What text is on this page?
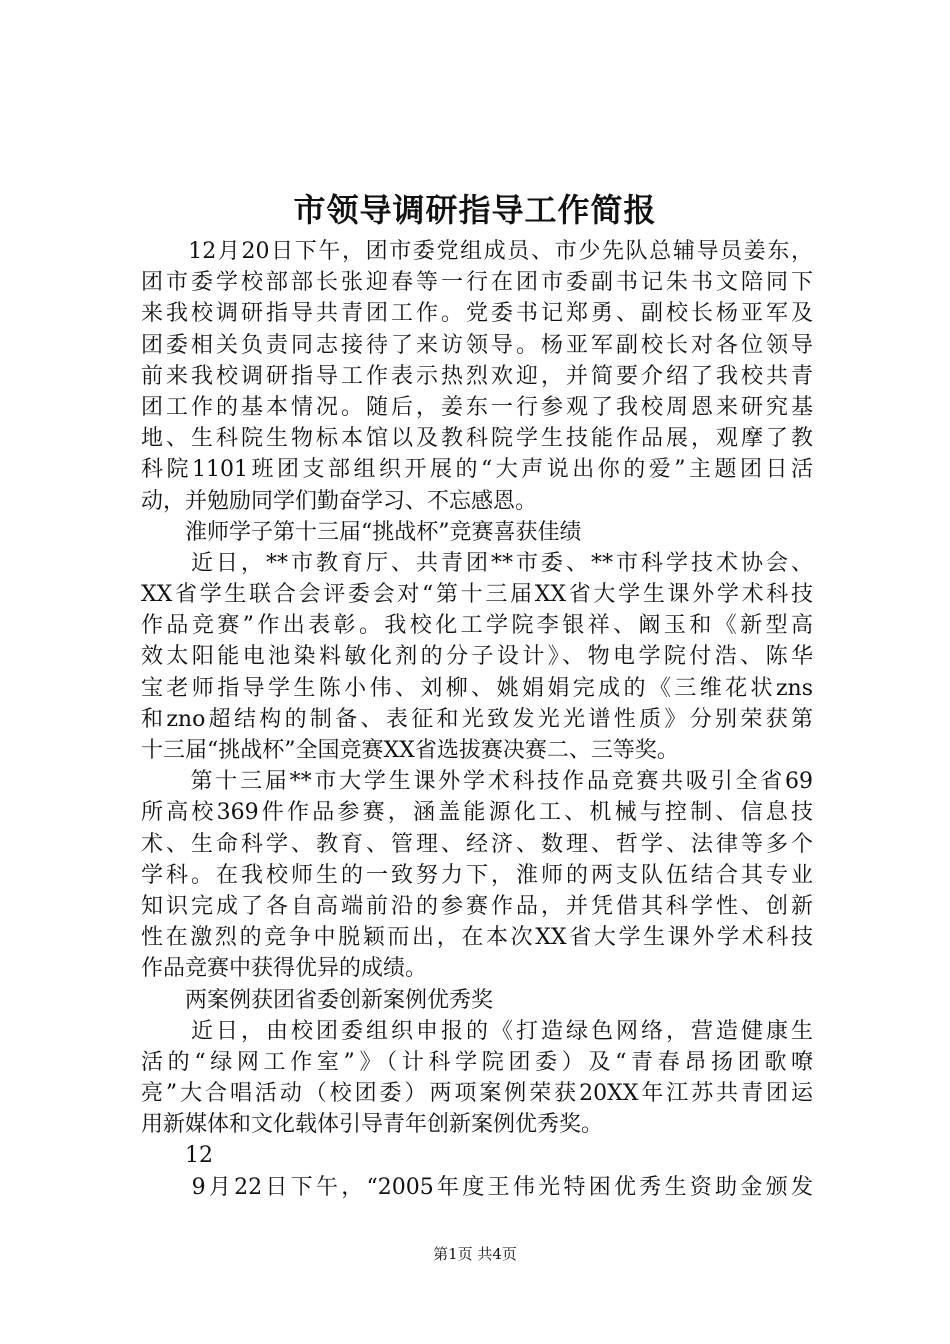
市领导调研指导工作简报
　　12月20日下午，团市委党组成员、市少先队总辅导员姜东，
团市委学校部部长张迎春等一行在团市委副书记朱书文陪同下
来我校调研指导共青团工作。党委书记郑勇、副校长杨亚军及
团委相关负责同志接待了来访领导。杨亚军副校长对各位领导
前来我校调研指导工作表示热烈欢迎，并简要介绍了我校共青
团工作的基本情况。随后，姜东一行参观了我校周恩来研究基
地、生科院生物标本馆以及教科院学生技能作品展，观摩了教
科院1101班团支部组织开展的“大声说出你的爱”主题团日活
动，并勉励同学们勤奋学习、不忘感恩。
　　淮师学子第十三届“挑战杯”竞赛喜获佳绩
　　近日，**市教育厅、共青团**市委、**市科学技术协会、
XX省学生联合会评委会对“第十三届XX省大学生课外学术科技
作品竞赛”作出表彰。我校化工学院李银祥、阚玉和《新型高
效太阳能电池染料敏化剂的分子设计》、物电学院付浩、陈华
宝老师指导学生陈小伟、刘柳、姚娟娟完成的《三维花状zns
和zno超结构的制备、表征和光致发光光谱性质》分别荣获第
十三届“挑战杯”全国竞赛XX省选拔赛决赛二、三等奖。
　　第十三届**市大学生课外学术科技作品竞赛共吸引全省69
所高校369件作品参赛，涵盖能源化工、机械与控制、信息技
术、生命科学、教育、管理、经济、数理、哲学、法律等多个
学科。在我校师生的一致努力下，淮师的两支队伍结合其专业
知识完成了各自高端前沿的参赛作品，并凭借其科学性、创新
性在激烈的竞争中脱颖而出，在本次XX省大学生课外学术科技
作品竞赛中获得优异的成绩。
　　两案例获团省委创新案例优秀奖
　　近日，由校团委组织申报的《打造绿色网络，营造健康生
活的“绿网工作室”》（计科学院团委）及“青春昂扬团歌嘹
亮”大合唱活动（校团委）两项案例荣获20XX年江苏共青团运
用新媒体和文化载体引导青年创新案例优秀奖。
　　12
　　9月22日下午，“2005年度王伟光特困优秀生资助金颁发
第1页 共4页
